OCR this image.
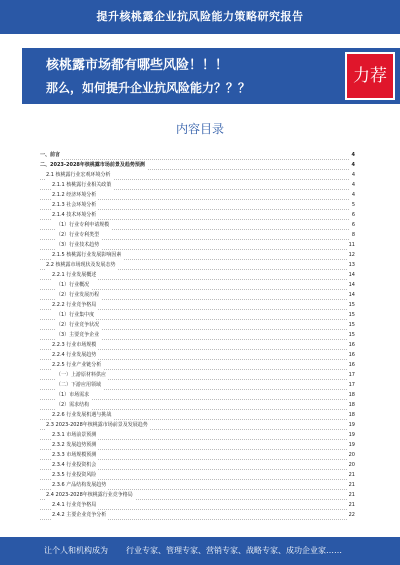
提升核桃露企业抗风险能力策略研究报告
核桃露市场都有哪些风险！！！
那么，如何提升企业抗风险能力？？？
力荐
内容目录
一、前言	4
二、2023-2028年核桃露市场前景及趋势预测	4
2.1 核桃露行业宏观环境分析	4
2.1.1 核桃露行业相关政策	4
2.1.2 经济环境分析	4
2.1.3 社会环境分析	5
2.1.4 技术环境分析	6
（1）行业专利申请规模	6
（2）行业专利类型	8
（3）行业技术趋势	11
2.1.5 核桃露行业发展影响因素	12
2.2 核桃露市场现状及发展态势	13
2.2.1 行业发展概述	14
（1）行业概况	14
（2）行业发展历程	14
2.2.2 行业竞争格局	15
（1）行业集中度	15
（2）行业竞争状况	15
（3）主要竞争企业	15
2.2.3 行业市场规模	16
2.2.4 行业发展趋势	16
2.2.5 行业产业链分析	16
（一）上游原材料供应	17
（二）下游应用领域	17
（1）市场需求	18
（2）需求结构	18
2.2.6 行业发展机遇与挑战	18
2.3 2023-2028年核桃露市场前景及发展趋势	19
2.3.1 市场前景预测	19
2.3.2 发展趋势预测	19
2.3.3 市场规模预测	20
2.3.4 行业投资机会	20
2.3.5 行业投资风险	21
2.3.6 产品结构发展趋势	21
2.4 2023-2028年核桃露行业竞争格局	21
2.4.1 行业竞争格局	21
2.4.2 主要企业竞争分析	22
让个人和机构成为 行业专家、管理专家、营销专家、战略专家、成功企业家……
